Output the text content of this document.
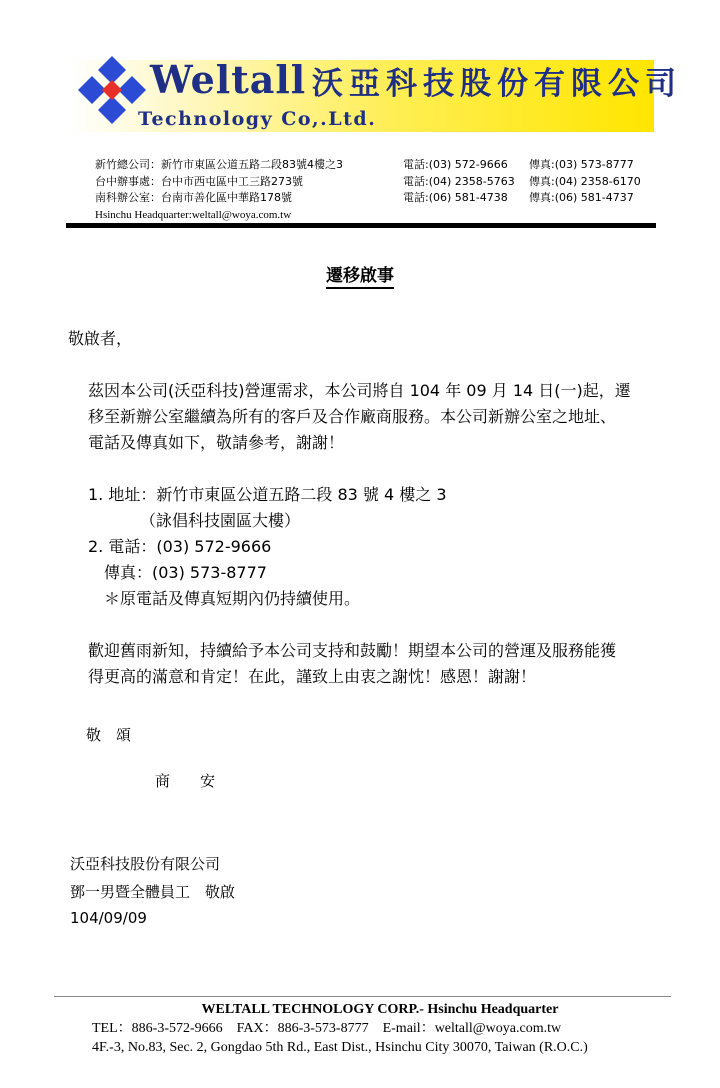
Weltall 沃亞科技股份有限公司
Technology Co,.Ltd.
新竹總公司：新竹市東區公道五路二段83號4樓之3	電話:(03) 572-9666 傳真:(03) 573-8777
台中辦事處：台中市西屯區中工三路273號	電話:(04) 2358-5763 傳真:(04) 2358-6170
南科辦公室：台南市善化區中華路178號	電話:(06) 581-4738 傳真:(06) 581-4737
Hsinchu Headquarter:weltall@woya.com.tw
遷移啟事
敬啟者，
茲因本公司(沃亞科技)營運需求，本公司將自 104 年 09 月 14 日(一)起，遷
移至新辦公室繼續為所有的客戶及合作廠商服務。本公司新辦公室之地址、
電話及傳真如下，敬請參考，謝謝！
1. 地址：新竹市東區公道五路二段 83 號 4 樓之 3
（詠倡科技園區大樓）
2. 電話：(03) 572-9666
傳真：(03) 573-8777
＊原電話及傳真短期內仍持續使用。
歡迎舊雨新知，持續給予本公司支持和鼓勵！期望本公司的營運及服務能獲
得更高的滿意和肯定！在此，謹致上由衷之謝忱！感恩！謝謝！
敬　頌
商　　安
沃亞科技股份有限公司
鄧一男暨全體員工　敬啟
104/09/09
WELTALL TECHNOLOGY CORP.- Hsinchu Headquarter
TEL：886-3-572-9666　FAX：886-3-573-8777　E-mail：weltall@woya.com.tw
4F.-3, No.83, Sec. 2, Gongdao 5th Rd., East Dist., Hsinchu City 30070, Taiwan (R.O.C.)
